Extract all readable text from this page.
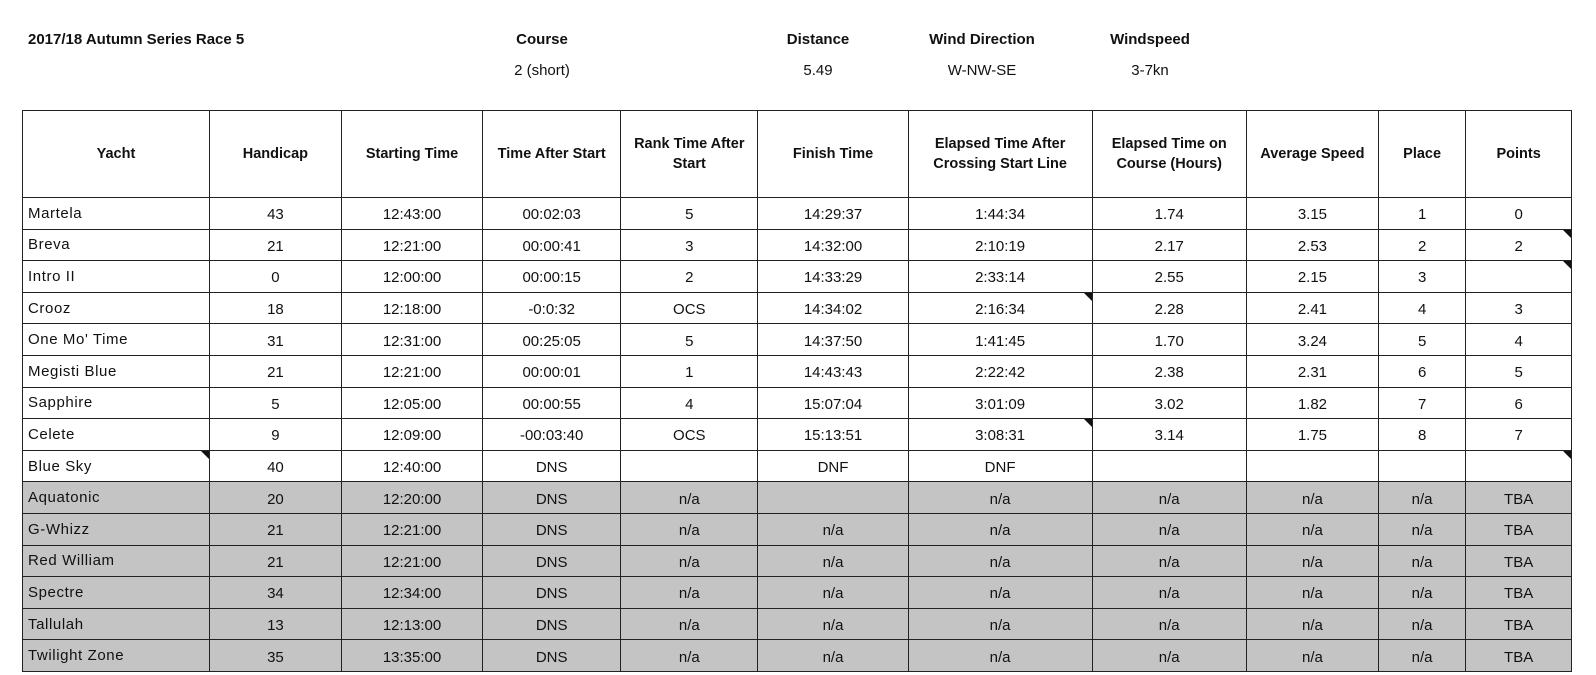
2017/18 Autumn Series Race 5	Course
2 (short)
Distance
5.49
Wind Direction
W-NW-SE
Windspeed
3-7kn
Yacht	Handicap	Starting Time	Time After Start	Rank Time After Start	Finish Time	Elapsed Time After Crossing Start Line	Elapsed Time on Course (Hours)	Average Speed	Place	Points
Martela	43	12:43:00	00:02:03	5	14:29:37	1:44:34	1.74	3.15	1	0
Breva	21	12:21:00	00:00:41	3	14:32:00	2:10:19	2.17	2.53	2	2

Intro II	0	12:00:00	00:00:15	2	14:33:29	2:33:14	2.55	2.15	3	

Crooz	18	12:18:00	-0:0:32	OCS	14:34:02	2:16:34	2.28	2.41	4	3
One Mo' Time	31	12:31:00	00:25:05	5	14:37:50	1:41:45	1.70	3.24	5	4
Megisti Blue	21	12:21:00	00:00:01	1	14:43:43	2:22:42	2.38	2.31	6	5
Sapphire	5	12:05:00	00:00:55	4	15:07:04	3:01:09	3.02	1.82	7	6
Celete	9	12:09:00	-00:03:40	OCS	15:13:51	3:08:31	3.14	1.75	8	7
Blue Sky	40	12:40:00	DNS		DNF	DNF				

Aquatonic	20	12:20:00	DNS	n/a		n/a	n/a	n/a	n/a	TBA
G-Whizz	21	12:21:00	DNS	n/a	n/a	n/a	n/a	n/a	n/a	TBA
Red William	21	12:21:00	DNS	n/a	n/a	n/a	n/a	n/a	n/a	TBA
Spectre	34	12:34:00	DNS	n/a	n/a	n/a	n/a	n/a	n/a	TBA
Tallulah	13	12:13:00	DNS	n/a	n/a	n/a	n/a	n/a	n/a	TBA
Twilight Zone	35	13:35:00	DNS	n/a	n/a	n/a	n/a	n/a	n/a	TBA
